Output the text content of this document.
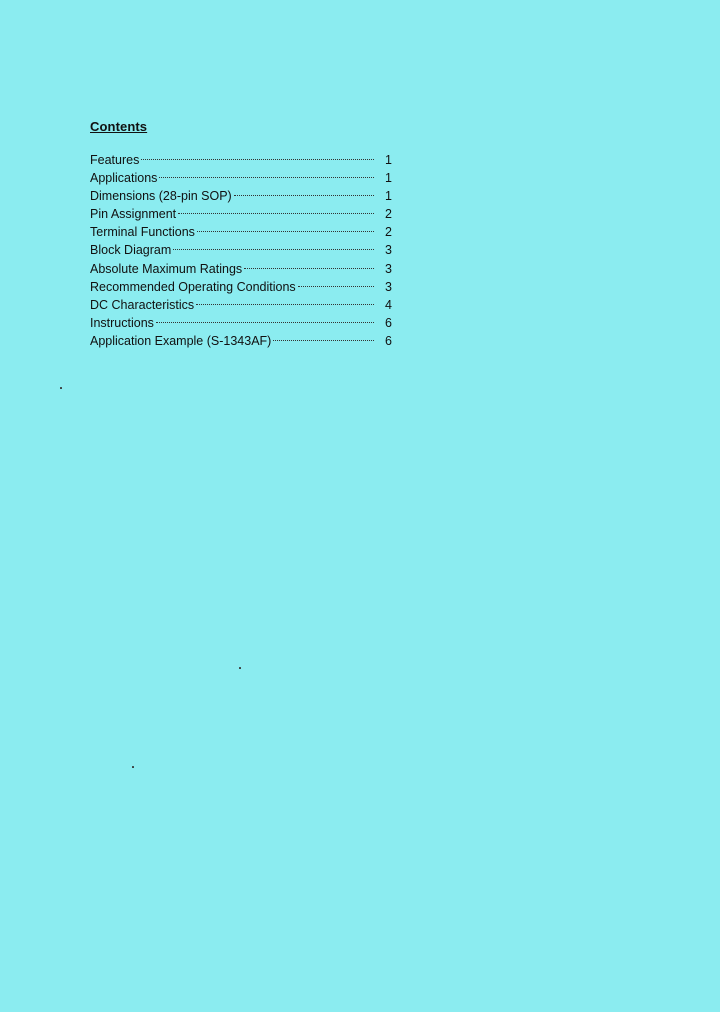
Contents
Features	1
Applications	1
Dimensions (28-pin SOP)	1
Pin Assignment	2
Terminal Functions	2
Block Diagram	3
Absolute Maximum Ratings	3
Recommended Operating Conditions	3
DC Characteristics	4
Instructions	6
Application Example (S-1343AF)	6
